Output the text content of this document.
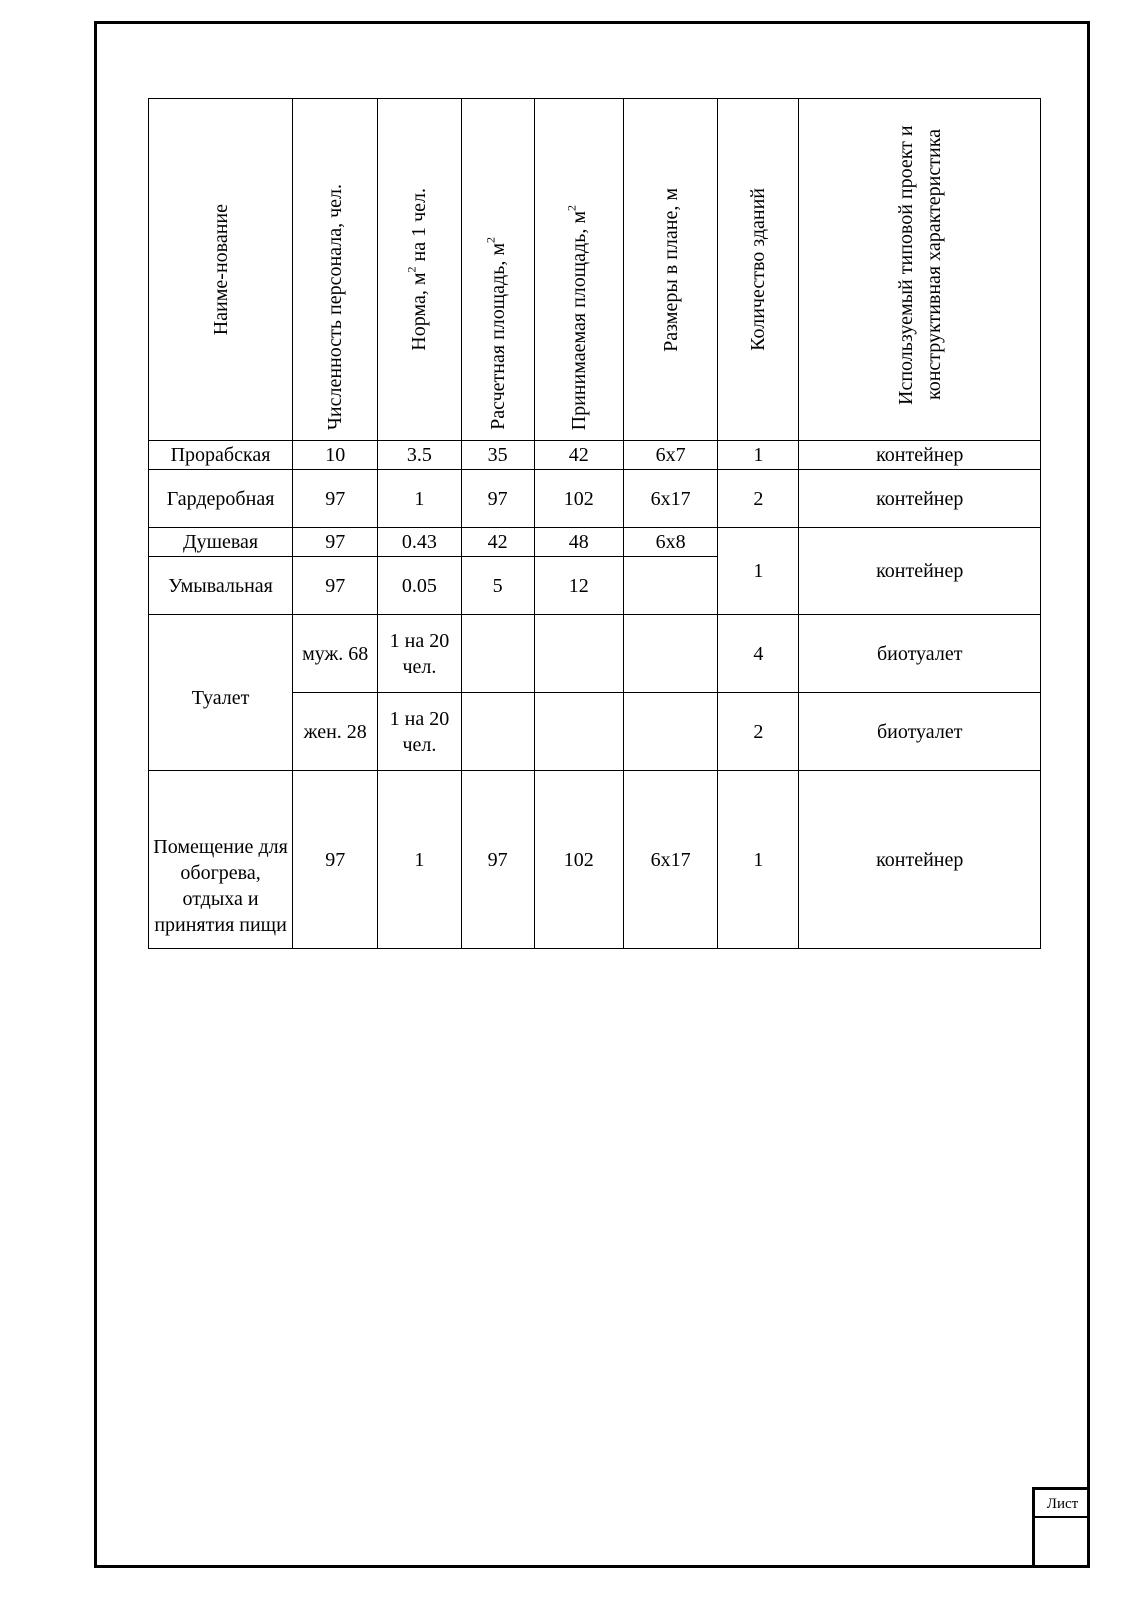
Наиме-нование	Численность персонала, чел.	Норма, $м^2$ на 1 чел.	Расчетная площадь, $м^2$	Принимаемая площадь, $м^2$	Размеры в плане, м	Количество зданий	Используемый типовой проект и конструктивная характеристика

Прорабская	10	3.5	35	42	6х7	1	контейнер
Гардеробная	97	1	97	102	6х17	2	контейнер
Душевая	97	0.43	42	48	6х8	1	контейнер
Умывальная	97	0.05	5	12			
Туалет	муж. 68	1 на 20 чел.				4	биотуалет

	жен. 28	1 на 20 чел.				2	биотуалет

Помещение для обогрева, отдыха и принятия пищи	97	1	97	102	6х17	1	контейнер
Лист
